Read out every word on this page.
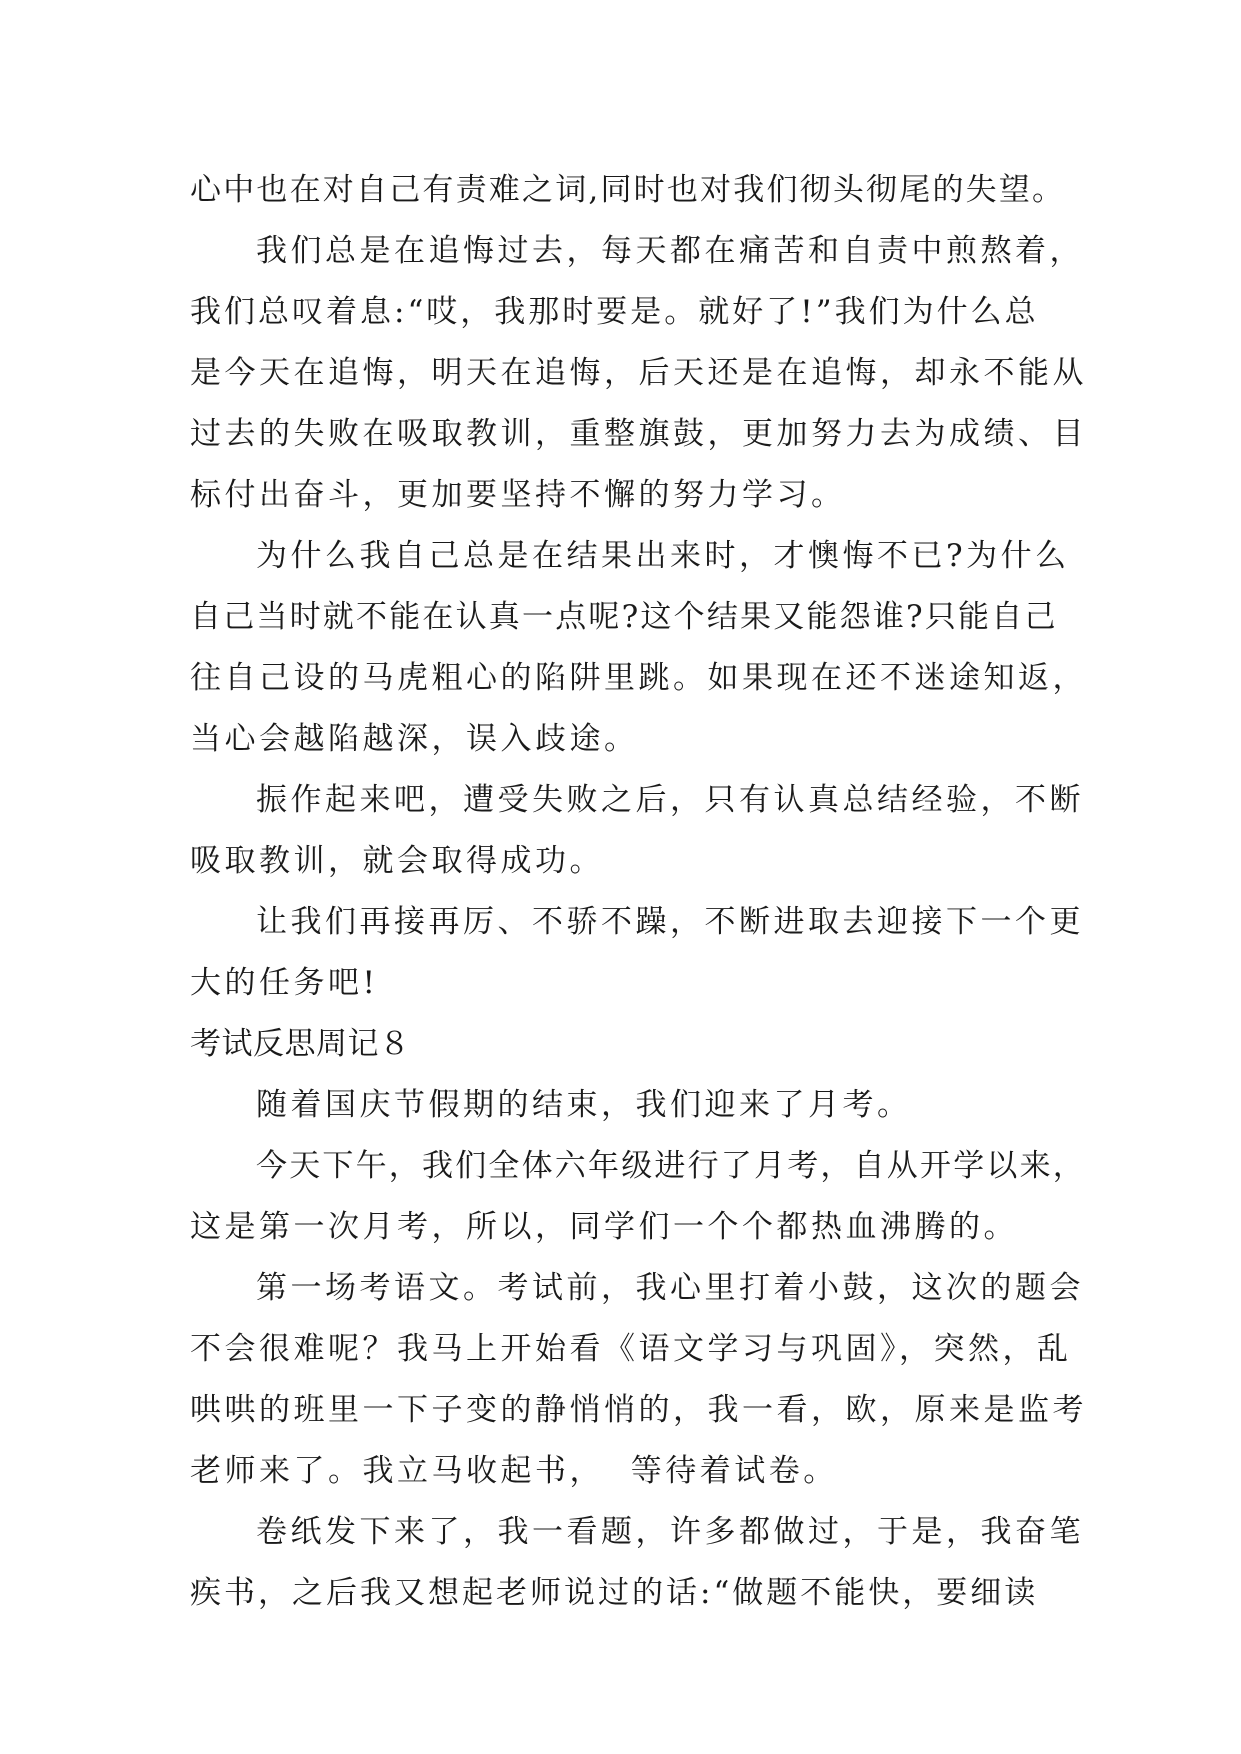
心中也在对自己有责难之词,同时也对我们彻头彻尾的失望。
我们总是在追悔过去，每天都在痛苦和自责中煎熬着，
我们总叹着息:“哎，我那时要是。就好了!”我们为什么总
是今天在追悔，明天在追悔，后天还是在追悔，却永不能从
过去的失败在吸取教训，重整旗鼓，更加努力去为成绩、目
标付出奋斗，更加要坚持不懈的努力学习。
为什么我自己总是在结果出来时，才懊悔不已?为什么
自己当时就不能在认真一点呢?这个结果又能怨谁?只能自己
往自己设的马虎粗心的陷阱里跳。如果现在还不迷途知返，
当心会越陷越深，误入歧途。
振作起来吧，遭受失败之后，只有认真总结经验，不断
吸取教训，就会取得成功。
让我们再接再厉、不骄不躁，不断进取去迎接下一个更
大的任务吧!
考试反思周记８
随着国庆节假期的结束，我们迎来了月考。
今天下午，我们全体六年级进行了月考，自从开学以来，
这是第一次月考，所以，同学们一个个都热血沸腾的。
第一场考语文。考试前，我心里打着小鼓，这次的题会
不会很难呢？我马上开始看《语文学习与巩固》，突然，乱
哄哄的班里一下子变的静悄悄的，我一看，欧，原来是监考
老师来了。我立马收起书，  等待着试卷。
卷纸发下来了，我一看题，许多都做过，于是，我奋笔
疾书，之后我又想起老师说过的话:“做题不能快，要细读
